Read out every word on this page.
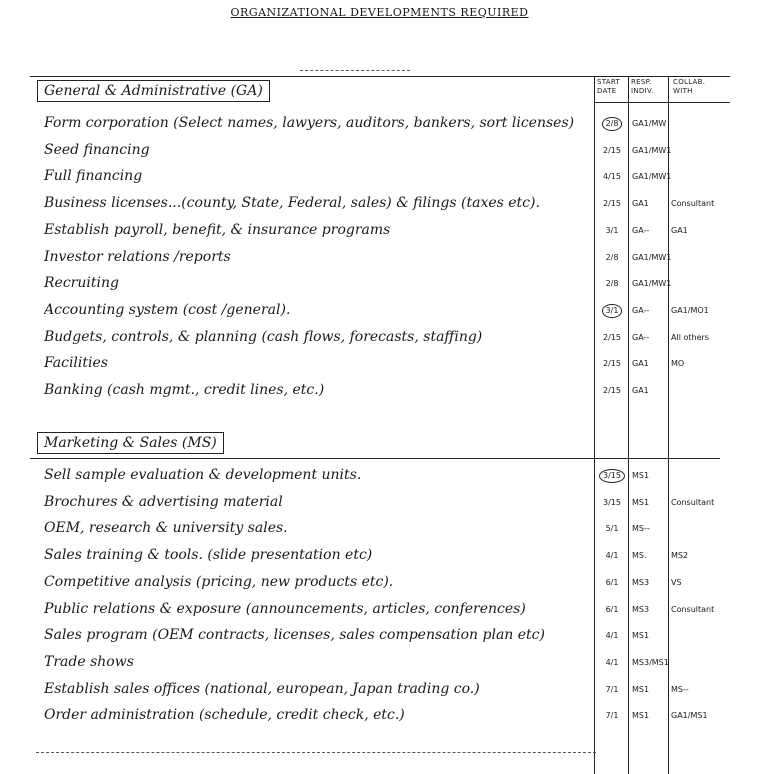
ORGANIZATIONAL DEVELOPMENTS REQUIRED
START DATE
RESP. INDIV.
COLLAB. WITH
General & Administrative (GA)
Form corporation (Select names, lawyers, auditors, bankers, sort licenses)	2/8	GA1/MW
Seed financing	2/15	GA1/MW1
Full financing	4/15	GA1/MW1
Business licenses...(county, State, Federal, sales) & filings (taxes etc).	2/15	GA1	Consultant
Establish payroll, benefit, & insurance programs	3/1	GA--	GA1
Investor relations /reports	2/8	GA1/MW1
Recruiting	2/8	GA1/MW1
Accounting system (cost /general).	3/1	GA--	GA1/MO1
Budgets, controls, & planning (cash flows, forecasts, staffing)	2/15	GA--	All others
Facilities	2/15	GA1	MO
Banking (cash mgmt., credit lines, etc.)	2/15	GA1
Marketing & Sales (MS)
Sell sample evaluation & development units.	3/15	MS1
Brochures & advertising material	3/15	MS1	Consultant
OEM, research & university sales.	5/1	MS--
Sales training & tools. (slide presentation etc)	4/1	MS.	MS2
Competitive analysis (pricing, new products etc).	6/1	MS3	VS
Public relations & exposure (announcements, articles, conferences)	6/1	MS3	Consultant
Sales program (OEM contracts, licenses, sales compensation plan etc)	4/1	MS1
Trade shows	4/1	MS3/MS1
Establish sales offices (national, european, Japan trading co.)	7/1	MS1	MS--
Order administration (schedule, credit check, etc.)	7/1	MS1	GA1/MS1
